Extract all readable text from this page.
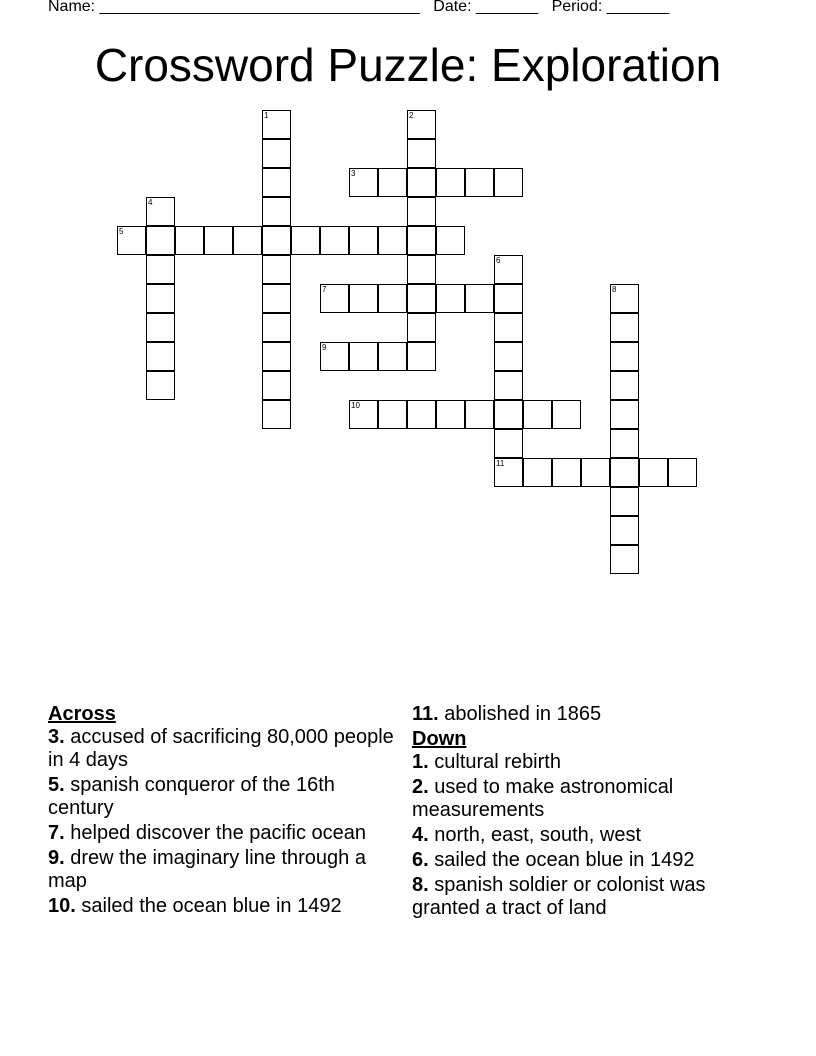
Name: ____________________________________ Date: _______ Period: _______
Crossword Puzzle: Exploration
1	2
3
4
5
6
11
7	8
9
10

Across

3. accused of sacrificing 80,000 people in 4 days

5. spanish conqueror of the 16th century

7. helped discover the pacific ocean

9. drew the imaginary line through a map

10. sailed the ocean blue in 1492

11. abolished in 1865

Down

1. cultural rebirth

2. used to make astronomical measurements

4. north, east, south, west

6. sailed the ocean blue in 1492

8. spanish soldier or colonist was granted a tract of land
